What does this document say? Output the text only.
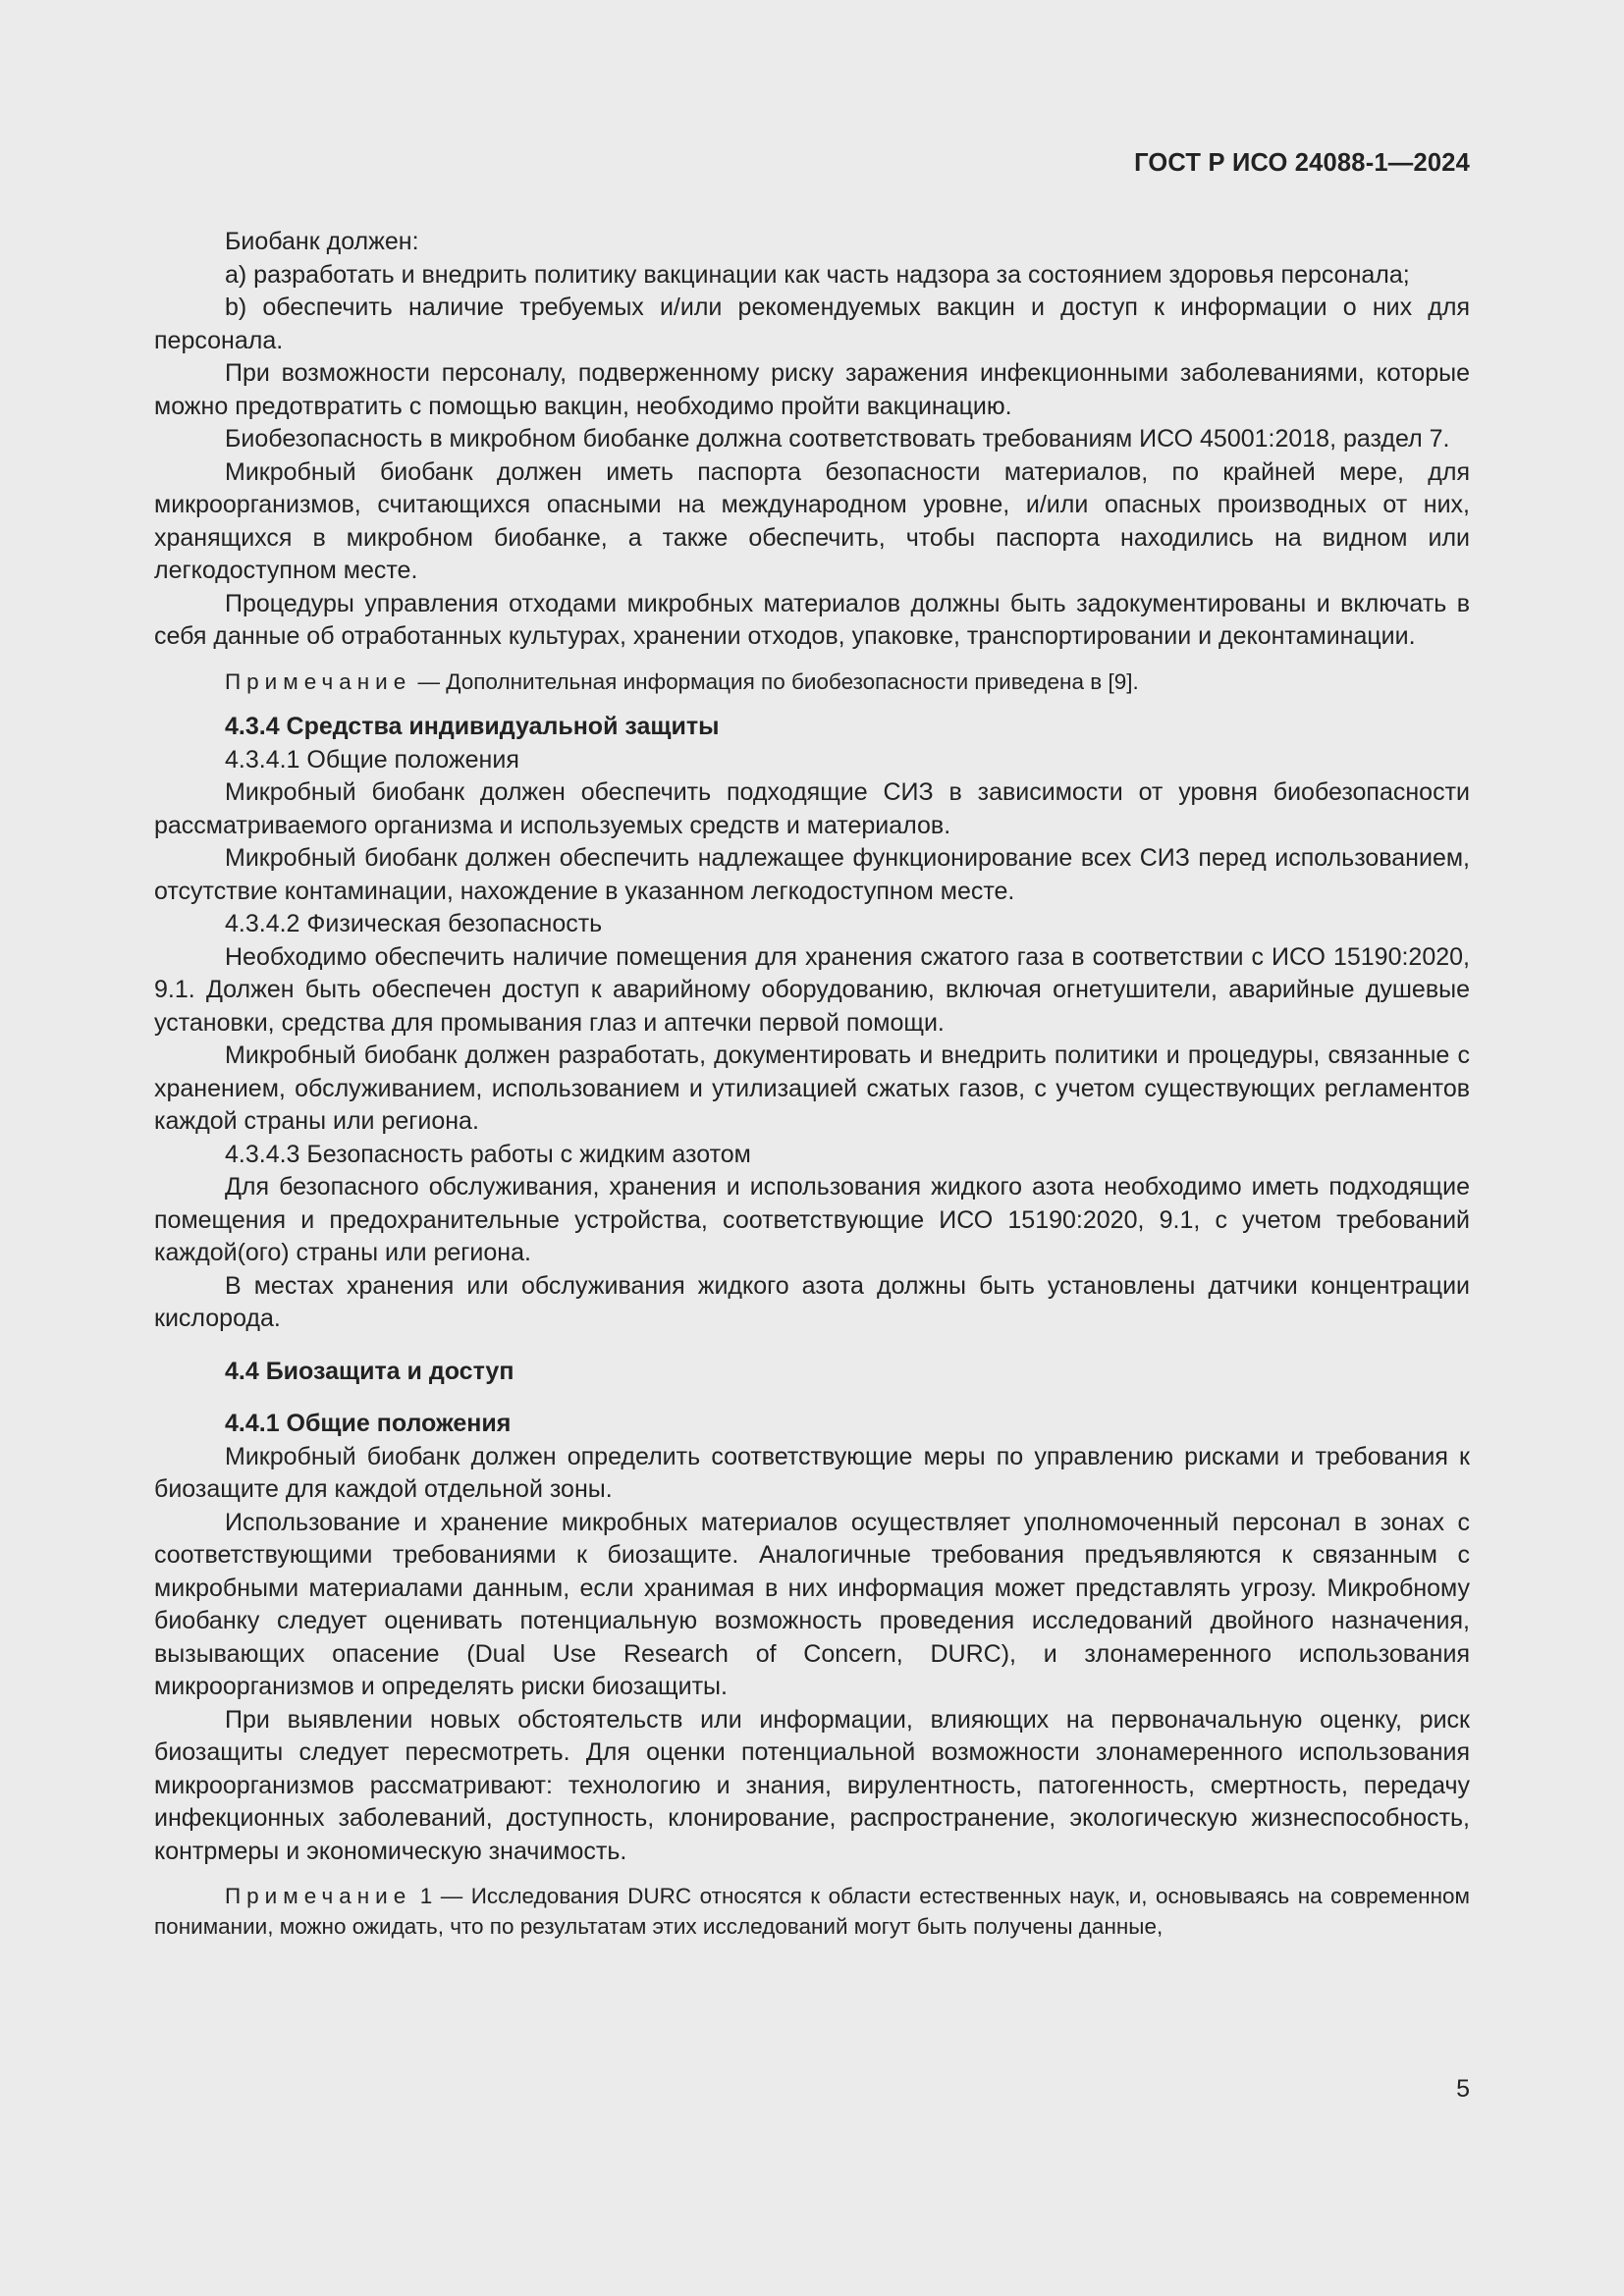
ГОСТ Р ИСО 24088-1—2024

Биобанк должен:

a) разработать и внедрить политику вакцинации как часть надзора за состоянием здоровья персонала;

b) обеспечить наличие требуемых и/или рекомендуемых вакцин и доступ к информации о них для персонала.

При возможности персоналу, подверженному риску заражения инфекционными заболеваниями, которые можно предотвратить с помощью вакцин, необходимо пройти вакцинацию.

Биобезопасность в микробном биобанке должна соответствовать требованиям ИСО 45001:2018, раздел 7.

Микробный биобанк должен иметь паспорта безопасности материалов, по крайней мере, для микроорганизмов, считающихся опасными на международном уровне, и/или опасных производных от них, хранящихся в микробном биобанке, а также обеспечить, чтобы паспорта находились на видном или легкодоступном месте.

Процедуры управления отходами микробных материалов должны быть задокументированы и включать в себя данные об отработанных культурах, хранении отходов, упаковке, транспортировании и деконтаминации.

Примечание — Дополнительная информация по биобезопасности приведена в [9].

4.3.4 Средства индивидуальной защиты

4.3.4.1 Общие положения

Микробный биобанк должен обеспечить подходящие СИЗ в зависимости от уровня биобезопасности рассматриваемого организма и используемых средств и материалов.

Микробный биобанк должен обеспечить надлежащее функционирование всех СИЗ перед использованием, отсутствие контаминации, нахождение в указанном легкодоступном месте.

4.3.4.2 Физическая безопасность

Необходимо обеспечить наличие помещения для хранения сжатого газа в соответствии с ИСО 15190:2020, 9.1. Должен быть обеспечен доступ к аварийному оборудованию, включая огнетушители, аварийные душевые установки, средства для промывания глаз и аптечки первой помощи.

Микробный биобанк должен разработать, документировать и внедрить политики и процедуры, связанные с хранением, обслуживанием, использованием и утилизацией сжатых газов, с учетом существующих регламентов каждой страны или региона.

4.3.4.3 Безопасность работы с жидким азотом

Для безопасного обслуживания, хранения и использования жидкого азота необходимо иметь подходящие помещения и предохранительные устройства, соответствующие ИСО 15190:2020, 9.1, с учетом требований каждой(ого) страны или региона.

В местах хранения или обслуживания жидкого азота должны быть установлены датчики концентрации кислорода.

4.4 Биозащита и доступ

4.4.1 Общие положения

Микробный биобанк должен определить соответствующие меры по управлению рисками и требования к биозащите для каждой отдельной зоны.

Использование и хранение микробных материалов осуществляет уполномоченный персонал в зонах с соответствующими требованиями к биозащите. Аналогичные требования предъявляются к связанным с микробными материалами данным, если хранимая в них информация может представлять угрозу. Микробному биобанку следует оценивать потенциальную возможность проведения исследований двойного назначения, вызывающих опасение (Dual Use Research of Concern, DURC), и злонамеренного использования микроорганизмов и определять риски биозащиты.

При выявлении новых обстоятельств или информации, влияющих на первоначальную оценку, риск биозащиты следует пересмотреть. Для оценки потенциальной возможности злонамеренного использования микроорганизмов рассматривают: технологию и знания, вирулентность, патогенность, смертность, передачу инфекционных заболеваний, доступность, клонирование, распространение, экологическую жизнеспособность, контрмеры и экономическую значимость.

Примечание 1 — Исследования DURC относятся к области естественных наук, и, основываясь на современном понимании, можно ожидать, что по результатам этих исследований могут быть получены данные,

5
